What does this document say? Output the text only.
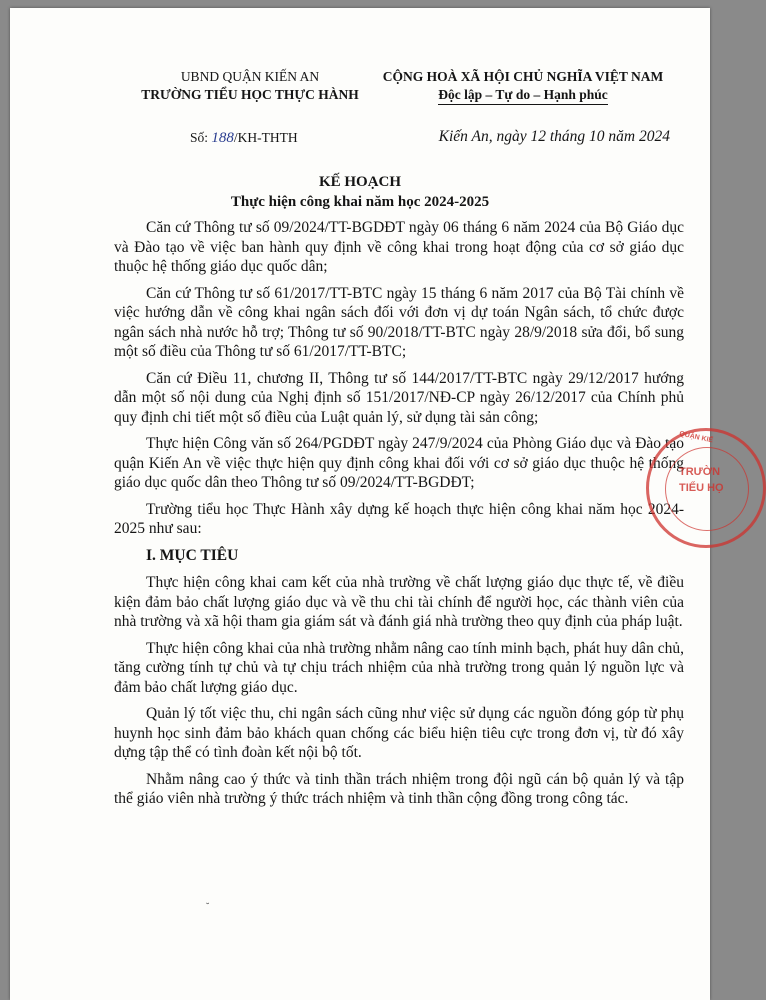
UBND QUẬN KIẾN AN
TRƯỜNG TIỂU HỌC THỰC HÀNH
CỘNG HOÀ XÃ HỘI CHỦ NGHĨA VIỆT NAM
Độc lập – Tự do – Hạnh phúc
Số: 188/KH-THTH	Kiến An, ngày 12 tháng 10 năm 2024
KẾ HOẠCH
Thực hiện công khai năm học 2024-2025

Căn cứ Thông tư số 09/2024/TT-BGDĐT ngày 06 tháng 6 năm 2024 của Bộ Giáo dục và Đào tạo về việc ban hành quy định về công khai trong hoạt động của cơ sở giáo dục thuộc hệ thống giáo dục quốc dân;

Căn cứ Thông tư số 61/2017/TT-BTC ngày 15 tháng 6 năm 2017 của Bộ Tài chính về việc hướng dẫn về công khai ngân sách đối với đơn vị dự toán Ngân sách, tổ chức được ngân sách nhà nước hỗ trợ; Thông tư số 90/2018/TT-BTC ngày 28/9/2018 sửa đổi, bổ sung một số điều của Thông tư số 61/2017/TT-BTC;

Căn cứ Điều 11, chương II, Thông tư số 144/2017/TT-BTC ngày 29/12/2017 hướng dẫn một số nội dung của Nghị định số 151/2017/NĐ-CP ngày 26/12/2017 của Chính phủ quy định chi tiết một số điều của Luật quản lý, sử dụng tài sản công;

Thực hiện Công văn số 264/PGDĐT ngày 247/9/2024 của Phòng Giáo dục và Đào tạo quận Kiến An về việc thực hiện quy định công khai đối với cơ sở giáo dục thuộc hệ thống giáo dục quốc dân theo Thông tư số 09/2024/TT-BGDĐT;

Trường tiểu học Thực Hành xây dựng kế hoạch thực hiện công khai năm học 2024-2025 như sau:

I. MỤC TIÊU

Thực hiện công khai cam kết của nhà trường về chất lượng giáo dục thực tế, về điều kiện đảm bảo chất lượng giáo dục và về thu chi tài chính để người học, các thành viên của nhà trường và xã hội tham gia giám sát và đánh giá nhà trường theo quy định của pháp luật.

Thực hiện công khai của nhà trường nhằm nâng cao tính minh bạch, phát huy dân chủ, tăng cường tính tự chủ và tự chịu trách nhiệm của nhà trường trong quản lý nguồn lực và đảm bảo chất lượng giáo dục.

Quản lý tốt việc thu, chi ngân sách cũng như việc sử dụng các nguồn đóng góp từ phụ huynh học sinh đảm bảo khách quan chống các biểu hiện tiêu cực trong đơn vị, từ đó xây dựng tập thể có tình đoàn kết nội bộ tốt.

Nhằm nâng cao ý thức và tinh thần trách nhiệm trong đội ngũ cán bộ quản lý và tập thể giáo viên nhà trường ý thức trách nhiệm và tinh thần cộng đồng trong công tác.

QUẬN KIẾ
TRƯỜN
TIỂU HỌ
˘
